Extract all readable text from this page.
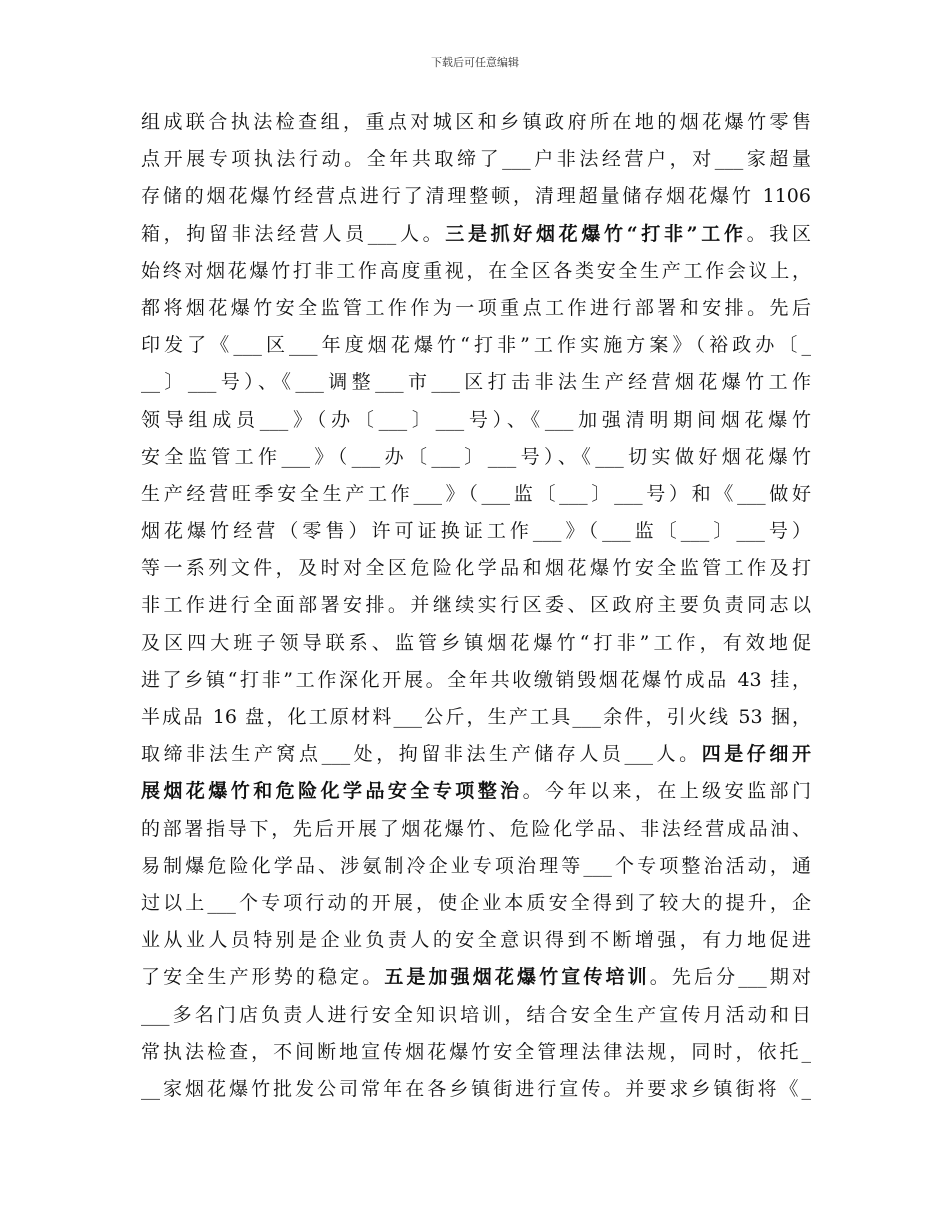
下载后可任意编辑
组成联合执法检查组，重点对城区和乡镇政府所在地的烟花爆竹零售
点开展专项执法行动。全年共取缔了___户非法经营户，对___家超量
存储的烟花爆竹经营点进行了清理整顿，清理超量储存烟花爆竹 1106
箱，拘留非法经营人员___人。三是抓好烟花爆竹“打非”工作。我区
始终对烟花爆竹打非工作高度重视，在全区各类安全生产工作会议上，
都将烟花爆竹安全监管工作作为一项重点工作进行部署和安排。先后
印发了《___区___年度烟花爆竹“打非”工作实施方案》（裕政办〔_
__〕___号）、《___调整___市___区打击非法生产经营烟花爆竹工作
领导组成员___》（办〔___〕___号）、《___加强清明期间烟花爆竹
安全监管工作___》（___办〔___〕___号）、《___切实做好烟花爆竹
生产经营旺季安全生产工作___》（___监〔___〕___号）和《___做好
烟花爆竹经营（零售）许可证换证工作___》（___监〔___〕___号）
等一系列文件，及时对全区危险化学品和烟花爆竹安全监管工作及打
非工作进行全面部署安排。并继续实行区委、区政府主要负责同志以
及区四大班子领导联系、监管乡镇烟花爆竹“打非”工作，有效地促
进了乡镇“打非”工作深化开展。全年共收缴销毁烟花爆竹成品 43 挂，
半成品 16 盘，化工原材料___公斤，生产工具___余件，引火线 53 捆，
取缔非法生产窝点___处，拘留非法生产储存人员___人。四是仔细开
展烟花爆竹和危险化学品安全专项整治。今年以来，在上级安监部门
的部署指导下，先后开展了烟花爆竹、危险化学品、非法经营成品油、
易制爆危险化学品、涉氨制冷企业专项治理等___个专项整治活动，通
过以上___个专项行动的开展，使企业本质安全得到了较大的提升，企
业从业人员特别是企业负责人的安全意识得到不断增强，有力地促进
了安全生产形势的稳定。五是加强烟花爆竹宣传培训。先后分___期对
___多名门店负责人进行安全知识培训，结合安全生产宣传月活动和日
常执法检查，不间断地宣传烟花爆竹安全管理法律法规，同时，依托_
__家烟花爆竹批发公司常年在各乡镇街进行宣传。并要求乡镇街将《_
